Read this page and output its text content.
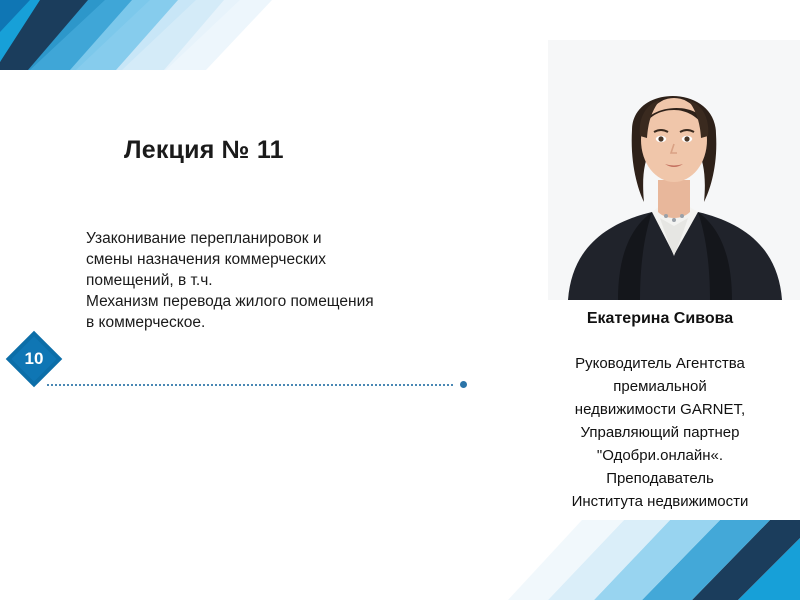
Лекция № 11

Узаконивание перепланировок и

смены назначения коммерческих

помещений, в т.ч.

Механизм перевода жилого помещения

в коммерческое.

10
Екатерина Сивова

Руководитель Агентства

премиальной

недвижимости GARNET,

Управляющий партнер

"Одобри.онлайн«.

Преподаватель

Института недвижимости
